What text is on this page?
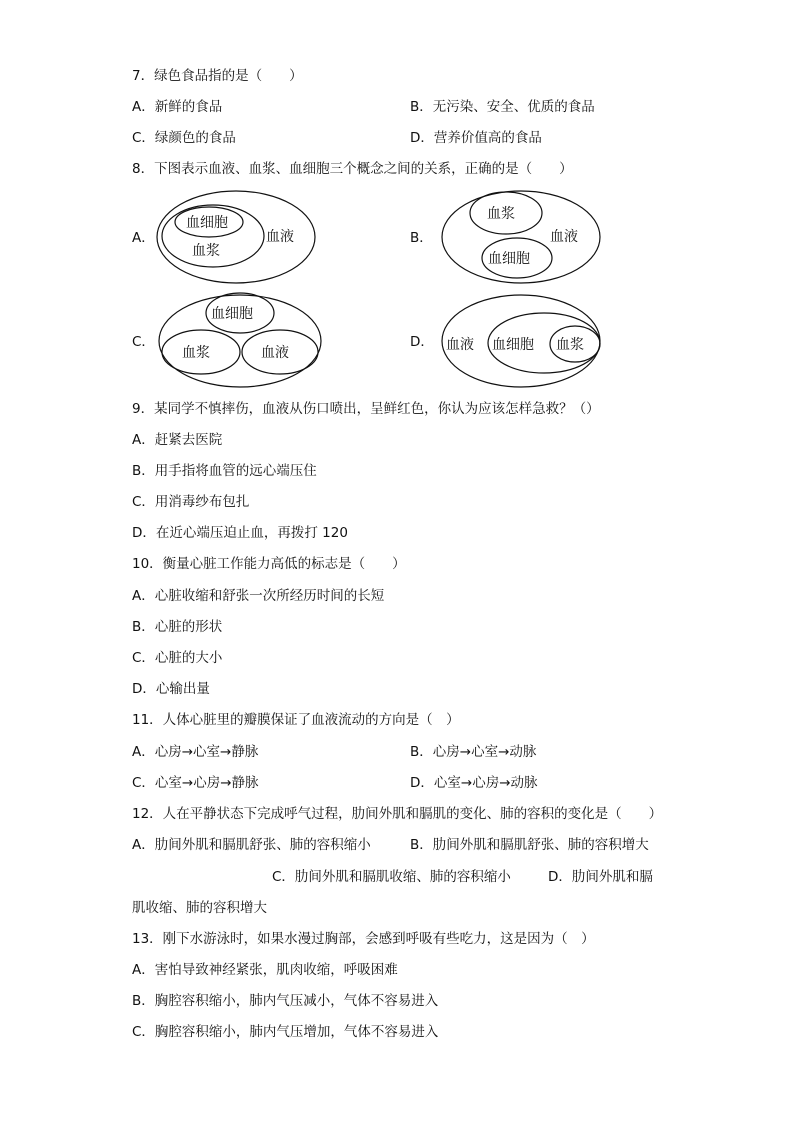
7．绿色食品指的是（　　）
A．新鲜的食品	B．无污染、安全、优质的食品
C．绿颜色的食品	D．营养价值高的食品
8．下图表示血液、血浆、血细胞三个概念之间的关系，正确的是（　　）
A．
血细胞
血浆
血液	B．
血浆
血细胞
血液
C．
血细胞
血浆	血液
D． 血液 血细胞 血浆
9．某同学不慎摔伤，血液从伤口喷出，呈鲜红色，你认为应该怎样急救？（）
A．赶紧去医院
B．用手指将血管的远心端压住
C．用消毒纱布包扎
D．在近心端压迫止血，再拨打 120
10．衡量心脏工作能力高低的标志是（　　）
A．心脏收缩和舒张一次所经历时间的长短
B．心脏的形状
C．心脏的大小
D．心输出量
11．人体心脏里的瓣膜保证了血液流动的方向是（　）
A．心房→心室→静脉	B．心房→心室→动脉
C．心室→心房→静脉	D．心室→心房→动脉
12．人在平静状态下完成呼气过程，肋间外肌和膈肌的变化、肺的容积的变化是（　　）
A．肋间外肌和膈肌舒张、肺的容积缩小	B．肋间外肌和膈肌舒张、肺的容积增大
C．肋间外肌和膈肌收缩、肺的容积缩小	D．肋间外肌和膈
肌收缩、肺的容积增大
13．刚下水游泳时，如果水漫过胸部，会感到呼吸有些吃力，这是因为（　）
A．害怕导致神经紧张，肌肉收缩，呼吸困难
B．胸腔容积缩小，肺内气压减小，气体不容易进入
C．胸腔容积缩小，肺内气压增加，气体不容易进入
